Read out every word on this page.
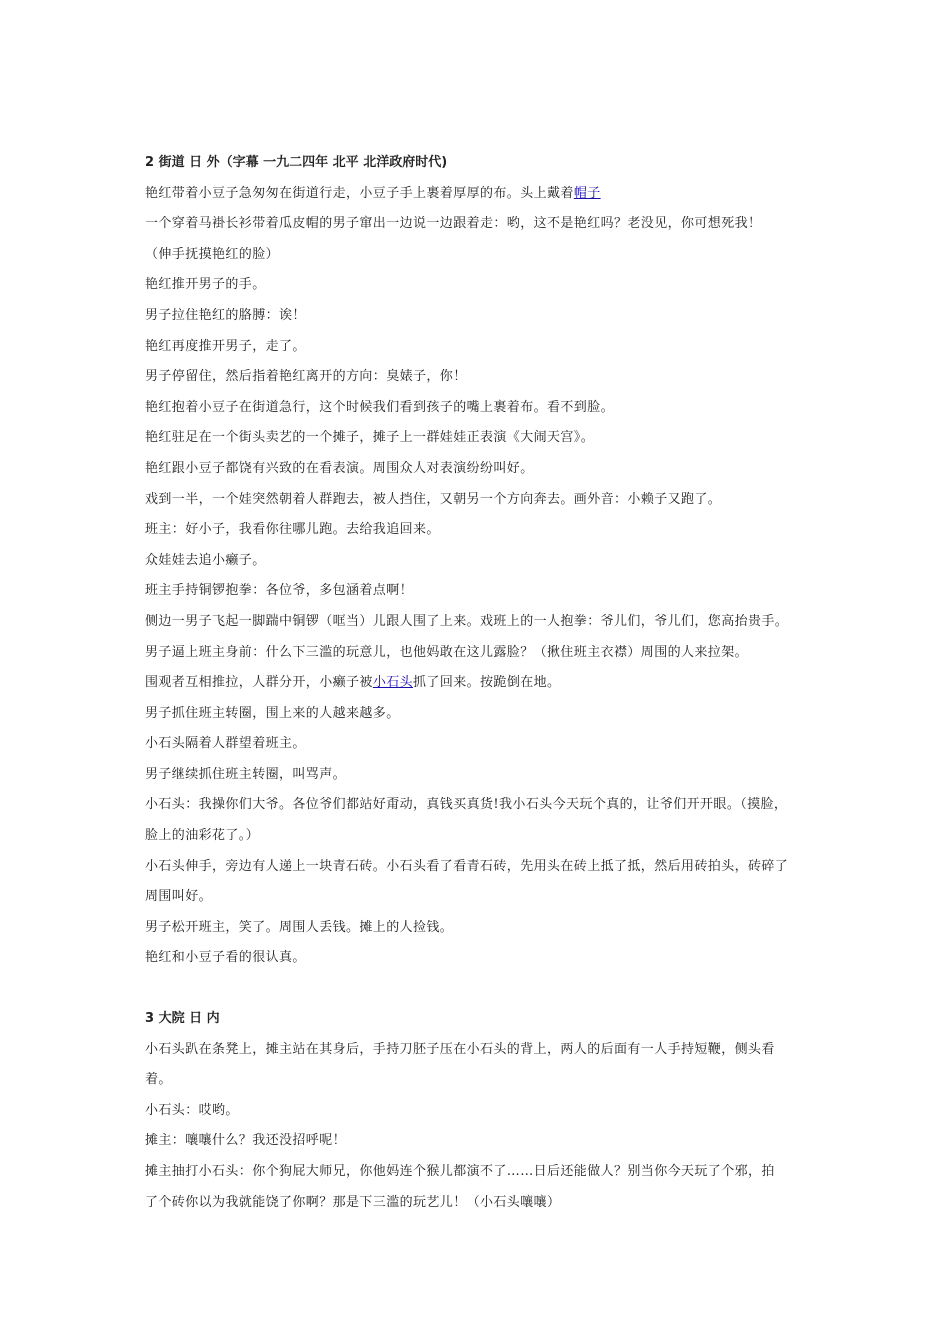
2 街道 日 外（字幕 一九二四年 北平 北洋政府时代)
艳红带着小豆子急匆匆在街道行走，小豆子手上裹着厚厚的布。头上戴着帽子
一个穿着马褂长衫带着瓜皮帽的男子窜出一边说一边跟着走：哟，这不是艳红吗？老没见，你可想死我！
（伸手抚摸艳红的脸）
艳红推开男子的手。
男子拉住艳红的胳膊：诶！
艳红再度推开男子，走了。
男子停留住，然后指着艳红离开的方向：臭婊子，你！
艳红抱着小豆子在街道急行，这个时候我们看到孩子的嘴上裹着布。看不到脸。
艳红驻足在一个街头卖艺的一个摊子，摊子上一群娃娃正表演《大闹天宫》。
艳红跟小豆子都饶有兴致的在看表演。周围众人对表演纷纷叫好。
戏到一半，一个娃突然朝着人群跑去，被人挡住，又朝另一个方向奔去。画外音：小赖子又跑了。
班主：好小子，我看你往哪儿跑。去给我追回来。
众娃娃去追小癞子。
班主手持铜锣抱拳：各位爷，多包涵着点啊！
侧边一男子飞起一脚踹中铜锣（哐当）儿跟人围了上来。戏班上的一人抱拳：爷儿们，爷儿们，您高抬贵手。
男子逼上班主身前：什么下三滥的玩意儿，也他妈敢在这儿露脸？（揪住班主衣襟）周围的人来拉架。
围观者互相推拉，人群分开，小癞子被小石头抓了回来。按跪倒在地。
男子抓住班主转圈，围上来的人越来越多。
小石头隔着人群望着班主。
男子继续抓住班主转圈，叫骂声。
小石头：我操你们大爷。各位爷们都站好甭动，真钱买真货!我小石头今天玩个真的，让爷们开开眼。（摸脸，
脸上的油彩花了。）
小石头伸手，旁边有人递上一块青石砖。小石头看了看青石砖，先用头在砖上抵了抵，然后用砖拍头，砖碎了
周围叫好。
男子松开班主，笑了。周围人丢钱。摊上的人捡钱。
艳红和小豆子看的很认真。
3 大院 日 内
小石头趴在条凳上，摊主站在其身后，手持刀胚子压在小石头的背上，两人的后面有一人手持短鞭，侧头看
着。
小石头：哎哟。
摊主：嚷嚷什么？我还没招呼呢！
摊主抽打小石头：你个狗屁大师兄，你他妈连个猴儿都演不了……日后还能做人？别当你今天玩了个邪，拍
了个砖你以为我就能饶了你啊？那是下三滥的玩艺儿！（小石头嚷嚷）
